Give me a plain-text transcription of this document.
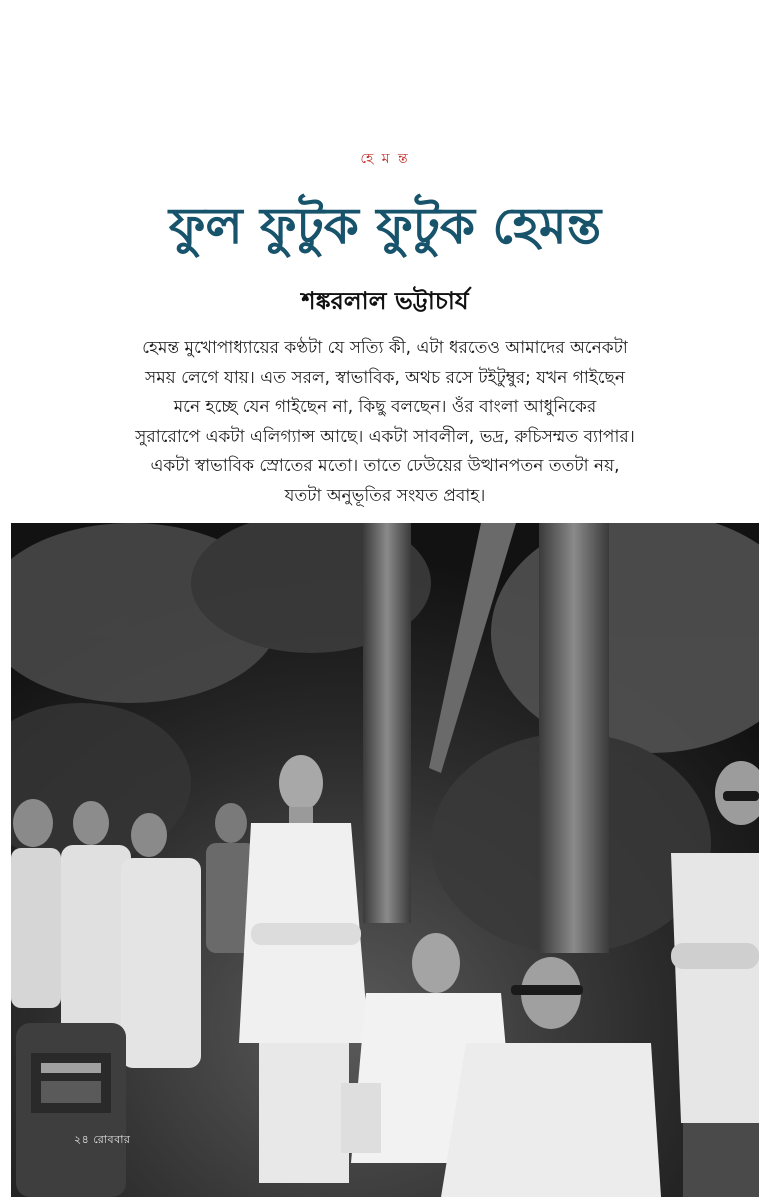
হে ম ন্ত
ফুল ফুটুক ফুটুক হেমন্ত
শঙ্করলাল ভট্টাচার্য
হেমন্ত মুখোপাধ্যায়ের কণ্ঠটা যে সত্যি কী, এটা ধরতেও আমাদের অনেকটা
সময় লেগে যায়। এত সরল, স্বাভাবিক, অথচ রসে টইটুম্বুর; যখন গাইছেন
মনে হচ্ছে যেন গাইছেন না, কিছু বলছেন। ওঁর বাংলা আধুনিকের
সুরারোপে একটা এলিগ্যান্স আছে। একটা সাবলীল, ভদ্র, রুচিসম্মত ব্যাপার।
একটা স্বাভাবিক স্রোতের মতো। তাতে ঢেউয়ের উত্থানপতন ততটা নয়,
যতটা অনুভূতির সংযত প্রবাহ।
২৪ রোববার
